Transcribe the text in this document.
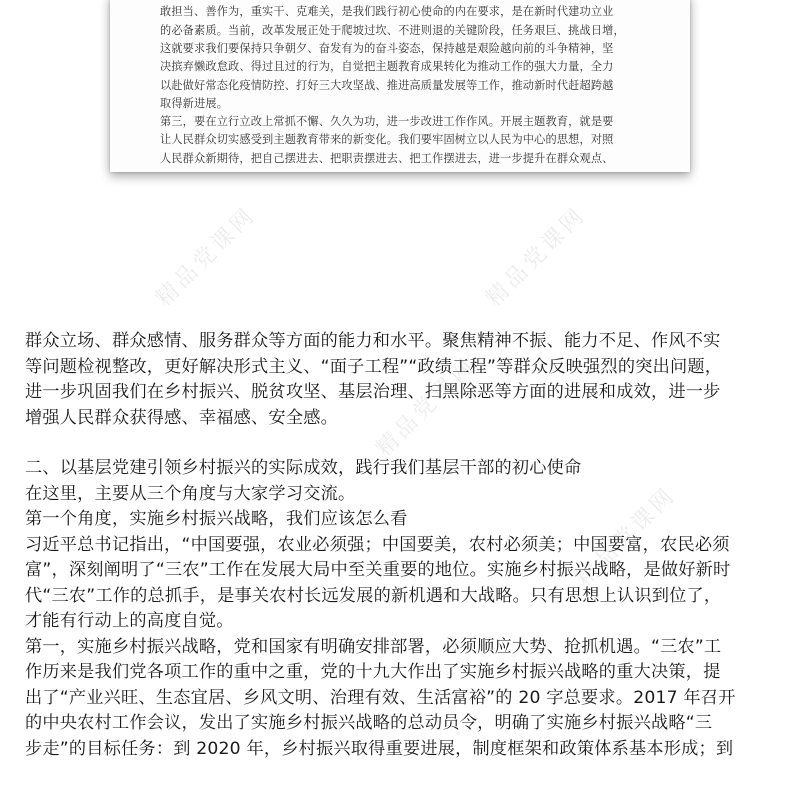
敢担当、善作为，重实干、克难关，是我们践行初心使命的内在要求，是在新时代建功立业
的必备素质。当前，改革发展正处于爬坡过坎、不进则退的关键阶段，任务艰巨、挑战日增，
这就要求我们要保持只争朝夕、奋发有为的奋斗姿态，保持越是艰险越向前的斗争精神，坚
决摈弃懒政怠政、得过且过的行为，自觉把主题教育成果转化为推动工作的强大力量，全力
以赴做好常态化疫情防控、打好三大攻坚战、推进高质量发展等工作，推动新时代赶超跨越
取得新进展。
第三，要在立行立改上常抓不懈、久久为功，进一步改进工作作风。开展主题教育，就是要
让人民群众切实感受到主题教育带来的新变化。我们要牢固树立以人民为中心的思想，对照
人民群众新期待，把自己摆进去、把职责摆进去、把工作摆进去，进一步提升在群众观点、
精品党课网	精品党课网
精品党课网
精品党课网
群众立场、群众感情、服务群众等方面的能力和水平。聚焦精神不振、能力不足、作风不实
等问题检视整改，更好解决形式主义、“面子工程”“政绩工程”等群众反映强烈的突出问题，
进一步巩固我们在乡村振兴、脱贫攻坚、基层治理、扫黑除恶等方面的进展和成效，进一步
增强人民群众获得感、幸福感、安全感。
二、以基层党建引领乡村振兴的实际成效，践行我们基层干部的初心使命
在这里，主要从三个角度与大家学习交流。
第一个角度，实施乡村振兴战略，我们应该怎么看
习近平总书记指出，“中国要强，农业必须强；中国要美，农村必须美；中国要富，农民必须
富”，深刻阐明了“三农”工作在发展大局中至关重要的地位。实施乡村振兴战略，是做好新时
代“三农”工作的总抓手，是事关农村长远发展的新机遇和大战略。只有思想上认识到位了，
才能有行动上的高度自觉。
第一，实施乡村振兴战略，党和国家有明确安排部署，必须顺应大势、抢抓机遇。“三农”工
作历来是我们党各项工作的重中之重，党的十九大作出了实施乡村振兴战略的重大决策，提
出了“产业兴旺、生态宜居、乡风文明、治理有效、生活富裕”的 20 字总要求。2017 年召开
的中央农村工作会议，发出了实施乡村振兴战略的总动员令，明确了实施乡村振兴战略“三
步走”的目标任务：到 2020 年，乡村振兴取得重要进展，制度框架和政策体系基本形成；到
